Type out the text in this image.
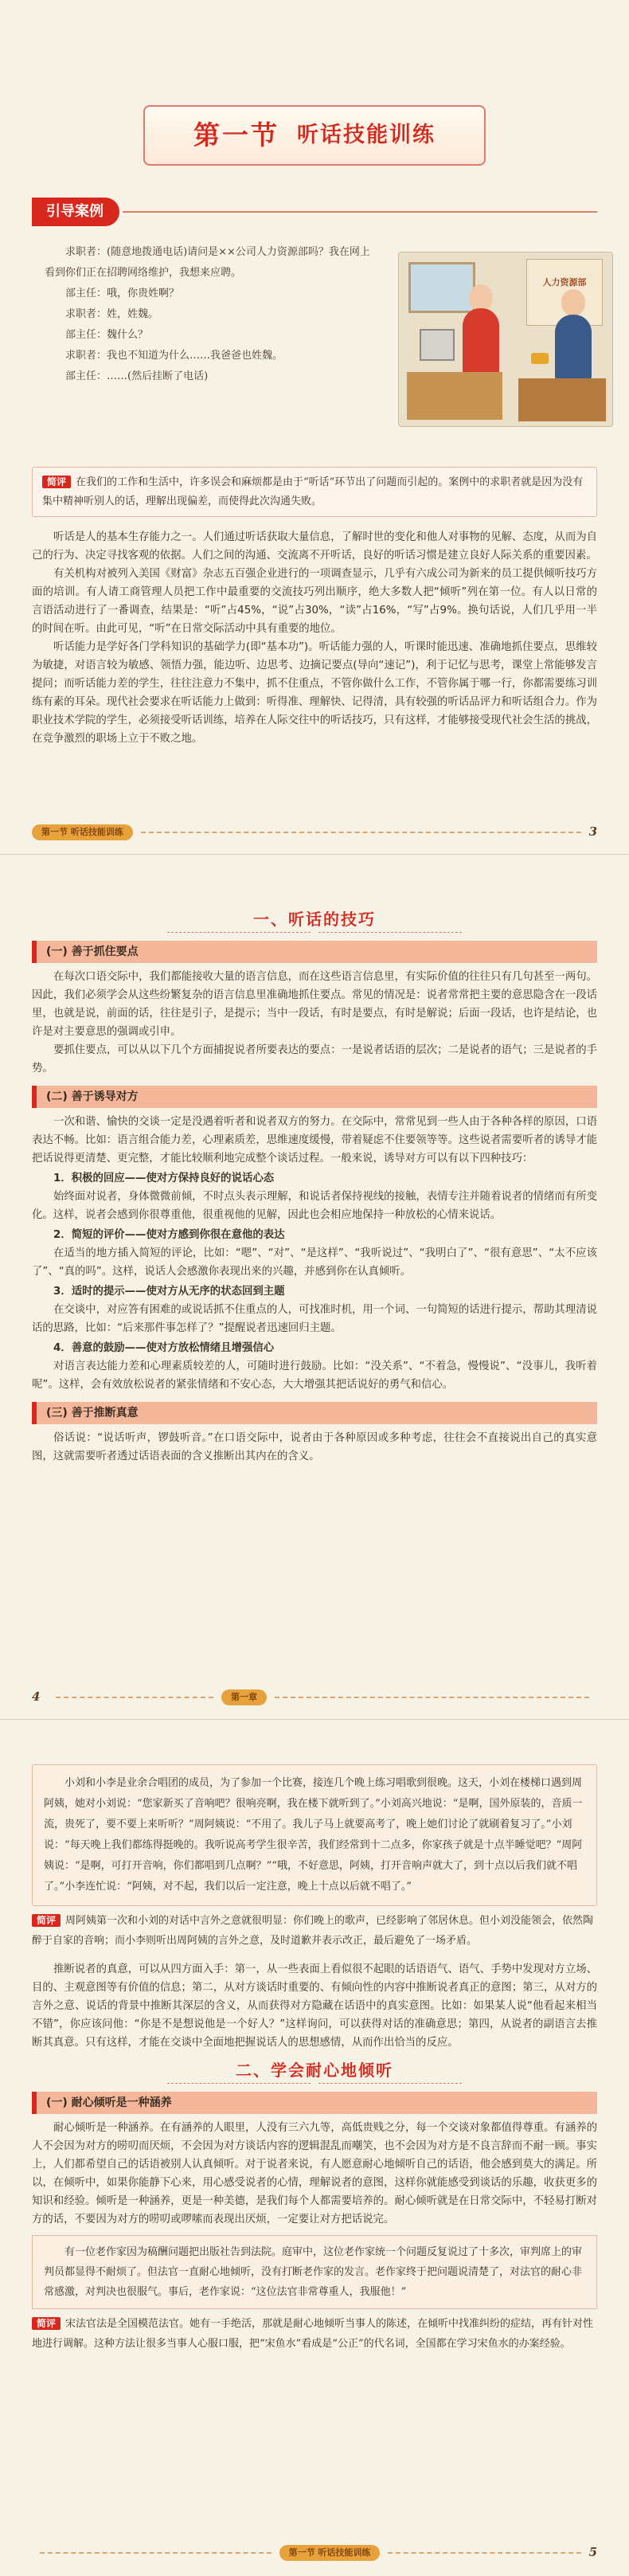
第一节 听话技能训练
引导案例

求职者：(随意地拨通电话)请问是××公司人力资源部吗？我在网上看到你们正在招聘网络维护，我想来应聘。

部主任：哦，你贵姓啊？

求职者：姓，姓魏。

部主任：魏什么？

求职者：我也不知道为什么……我爸爸也姓魏。

部主任：……(然后挂断了电话)

人力资源部
简评 在我们的工作和生活中，许多误会和麻烦都是由于“听话”环节出了问题而引起的。案例中的求职者就是因为没有集中精神听别人的话，理解出现偏差，而使得此次沟通失败。

听话是人的基本生存能力之一。人们通过听话获取大量信息，了解时世的变化和他人对事物的见解、态度，从而为自己的行为、决定寻找客观的依据。人们之间的沟通、交流离不开听话，良好的听话习惯是建立良好人际关系的重要因素。

有关机构对被列入美国《财富》杂志五百强企业进行的一项调查显示，几乎有六成公司为新来的员工提供倾听技巧方面的培训。有人请工商管理人员把工作中最重要的交流技巧列出顺序，绝大多数人把“倾听”列在第一位。有人以日常的言语活动进行了一番调查，结果是：“听”占45%，“说”占30%，“读”占16%，“写”占9%。换句话说，人们几乎用一半的时间在听。由此可见，“听”在日常交际活动中具有重要的地位。

听话能力是学好各门学科知识的基础学力(即“基本功”)。听话能力强的人，听课时能迅速、准确地抓住要点，思维较为敏捷，对语言较为敏感、领悟力强，能边听、边思考、边摘记要点(导向“速记”)，利于记忆与思考，课堂上常能够发言提问；而听话能力差的学生，往往注意力不集中，抓不住重点，不管你做什么工作，不管你属于哪一行，你都需要练习训练有素的耳朵。现代社会要求在听话能力上做到：听得准、理解快、记得清，具有较强的听话品评力和听话组合力。作为职业技术学院的学生，必须接受听话训练，培养在人际交往中的听话技巧，只有这样，才能够接受现代社会生活的挑战，在竞争激烈的职场上立于不败之地。

第一节 听话技能训练	3
一、听话的技巧
(一) 善于抓住要点

在每次口语交际中，我们都能接收大量的语言信息，而在这些语言信息里，有实际价值的往往只有几句甚至一两句。因此，我们必须学会从这些纷繁复杂的语言信息里准确地抓住要点。常见的情况是：说者常常把主要的意思隐含在一段话里，也就是说，前面的话，往往是引子，是提示；当中一段话，有时是要点，有时是解说；后面一段话，也许是结论，也许是对主要意思的强调或引申。

要抓住要点，可以从以下几个方面捕捉说者所要表达的要点：一是说者话语的层次；二是说者的语气；三是说者的手势。

(二) 善于诱导对方

一次和谐、愉快的交谈一定是没遇着听者和说者双方的努力。在交际中，常常见到一些人由于各种各样的原因，口语表达不畅。比如：语言组合能力差，心理素质差，思维速度缓慢，带着疑虑不住要领等等。这些说者需要听者的诱导才能把话说得更清楚、更完整，才能比较顺利地完成整个谈话过程。一般来说，诱导对方可以有以下四种技巧：

1．积极的回应——使对方保持良好的说话心态

始终面对说者，身体微微前倾，不时点头表示理解，和说话者保持视线的接触，表情专注并随着说者的情绪而有所变化。这样，说者会感到你很尊重他，很重视他的见解，因此也会相应地保持一种放松的心情来说话。

2．简短的评价——使对方感到你很在意他的表达

在适当的地方插入简短的评论，比如：“嗯”、“对”、“是这样”、“我听说过”、“我明白了”、“很有意思”、“太不应该了”、“真的吗”。这样，说话人会感激你表现出来的兴趣，并感到你在认真倾听。

3．适时的提示——使对方从无序的状态回到主题

在交谈中，对应答有困难的或说话抓不住重点的人，可找准时机，用一个词、一句简短的话进行提示，帮助其理清说话的思路，比如：“后来那件事怎样了？”提醒说者迅速回归主题。

4．善意的鼓励——使对方放松情绪且增强信心

对语言表达能力差和心理素质较差的人，可随时进行鼓励。比如：“没关系”、“不着急，慢慢说”、“没事儿，我听着呢”。这样，会有效放松说者的紧张情绪和不安心态，大大增强其把话说好的勇气和信心。

(三) 善于推断真意

俗话说：“说话听声，锣鼓听音。”在口语交际中，说者由于各种原因或多种考虑，往往会不直接说出自己的真实意图，这就需要听者透过话语表面的含义推断出其内在的含义。

4	第一章

小刘和小李是业余合唱团的成员，为了参加一个比赛，接连几个晚上练习唱歌到很晚。这天，小刘在楼梯口遇到周阿姨，她对小刘说：“您家新买了音响吧？很响亮啊，我在楼下就听到了。”小刘高兴地说：“是啊，国外原装的，音质一流，贵死了，要不要上来听听？”周阿姨说：“不用了。我儿子马上就要高考了，晚上她们讨论了就刷着复习了。”小刘说：“每天晚上我们都练得挺晚的。我听说高考学生很辛苦，我们经常到十二点多，你家孩子就是十点半睡觉吧？”周阿姨说：“是啊，可打开音响，你们都唱到几点啊？”“哦，不好意思，阿姨，打开音响声就大了，到十点以后我们就不唱了。”小李连忙说：“阿姨，对不起，我们以后一定注意，晚上十点以后就不唱了。”

简评 周阿姨第一次和小刘的对话中言外之意就很明显：你们晚上的歌声，已经影响了邻居休息。但小刘没能领会，依然陶醉于自家的音响；而小李则听出周阿姨的言外之意，及时道歉并表示改正，最后避免了一场矛盾。

推断说者的真意，可以从四方面入手：第一，从一些表面上看似很不起眼的话语语气、语气、手势中发现对方立场、目的、主观意图等有价值的信息；第二，从对方谈话时重要的、有倾向性的内容中推断说者真正的意图；第三，从对方的言外之意、说话的背景中推断其深层的含义，从而获得对方隐藏在话语中的真实意图。比如：如果某人说“他看起来相当不错”，你应该问他：“你是不是想说他是一个好人？”这样询问，可以获得对话的准确意思；第四，从说者的副语言去推断其真意。只有这样，才能在交谈中全面地把握说话人的思想感情，从而作出恰当的反应。

二、学会耐心地倾听
(一) 耐心倾听是一种涵养

耐心倾听是一种涵养。在有涵养的人眼里，人没有三六九等，高低贵贱之分，每一个交谈对象都值得尊重。有涵养的人不会因为对方的唠叨而厌烦，不会因为对方谈话内容的逻辑混乱而嘲笑，也不会因为对方是不良言辞而不耐一顾。事实上，人们都希望自己的话语被别人认真倾听。对于说者来说，有人愿意耐心地倾听自己的话语，他会感到莫大的满足。所以，在倾听中，如果你能静下心来，用心感受说者的心情，理解说者的意图，这样你就能感受到谈话的乐趣，收获更多的知识和经验。倾听是一种涵养，更是一种美德，是我们每个人都需要培养的。耐心倾听就是在日常交际中，不轻易打断对方的话，不要因为对方的唠叨或啰嗦而表现出厌烦，一定要让对方把话说完。

有一位老作家因为稿酬问题把出版社告到法院。庭审中，这位老作家统一个问题反复说过了十多次，审判席上的审判员都显得不耐烦了。但法官一直耐心地倾听，没有打断老作家的发言。老作家终于把问题说清楚了，对法官的耐心非常感激，对判决也很服气。事后，老作家说：“这位法官非常尊重人，我服他！”

简评 宋法官法是全国模范法官。她有一手绝活，那就是耐心地倾听当事人的陈述，在倾听中找准纠纷的症结，再有针对性地进行调解。这种方法让很多当事人心服口服，把“宋鱼水”看成是“公正”的代名词，全国都在学习宋鱼水的办案经验。
第一节 听话技能训练	5
